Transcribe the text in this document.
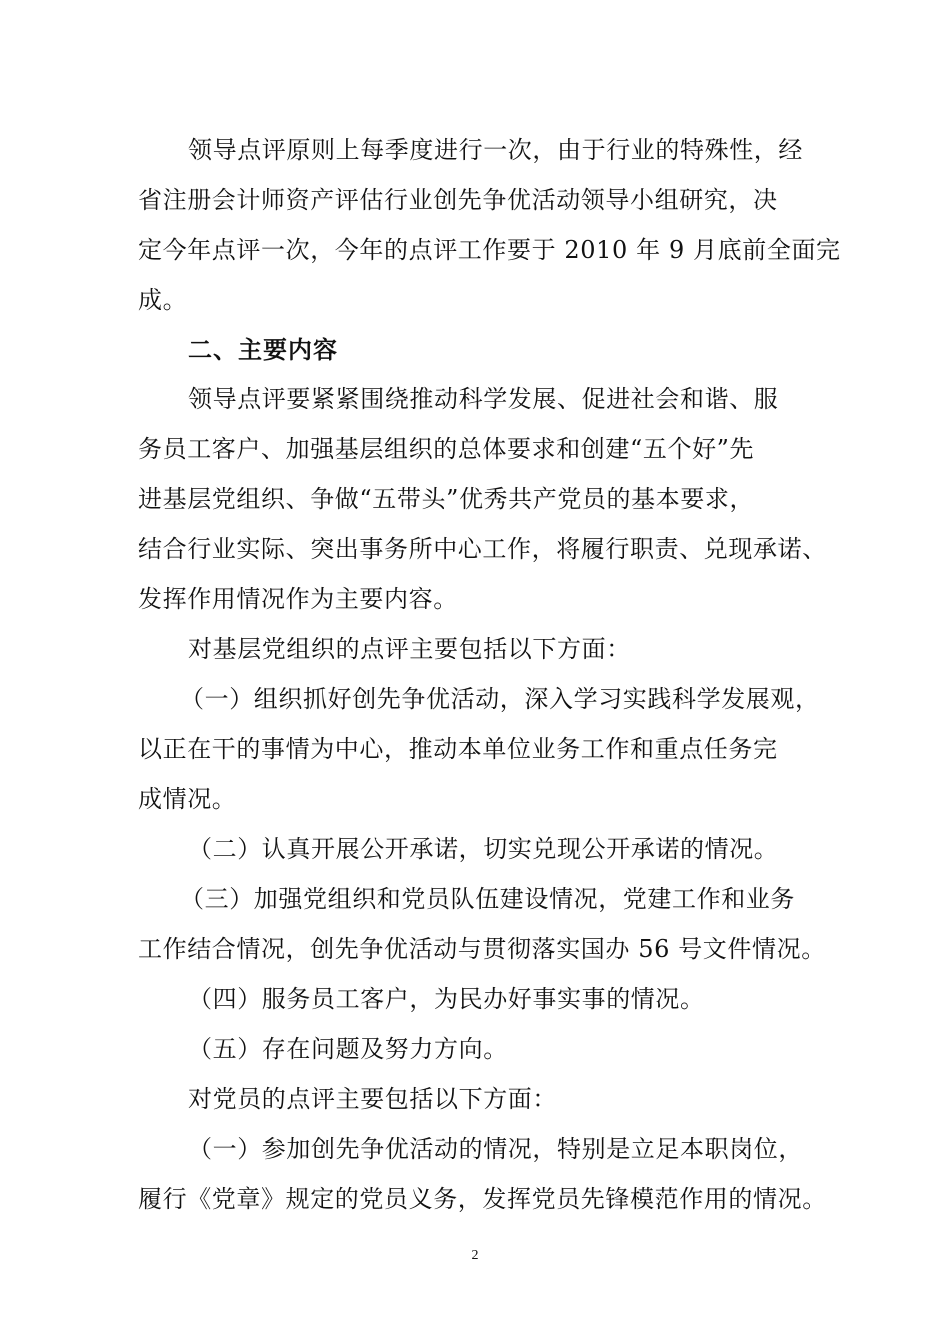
领导点评原则上每季度进行一次，由于行业的特殊性，经
省注册会计师资产评估行业创先争优活动领导小组研究，决
定今年点评一次，今年的点评工作要于 2010 年 9 月底前全面完
成。
二、主要内容
领导点评要紧紧围绕推动科学发展、促进社会和谐、服
务员工客户、加强基层组织的总体要求和创建“五个好”先
进基层党组织、争做“五带头”优秀共产党员的基本要求，
结合行业实际、突出事务所中心工作，将履行职责、兑现承诺、
发挥作用情况作为主要内容。
对基层党组织的点评主要包括以下方面：
（一）组织抓好创先争优活动，深入学习实践科学发展观，
以正在干的事情为中心，推动本单位业务工作和重点任务完
成情况。
（二）认真开展公开承诺，切实兑现公开承诺的情况。
（三）加强党组织和党员队伍建设情况，党建工作和业务
工作结合情况，创先争优活动与贯彻落实国办 56 号文件情况。
（四）服务员工客户，为民办好事实事的情况。
（五）存在问题及努力方向。
对党员的点评主要包括以下方面：
（一）参加创先争优活动的情况，特别是立足本职岗位，
履行《党章》规定的党员义务，发挥党员先锋模范作用的情况。
2
